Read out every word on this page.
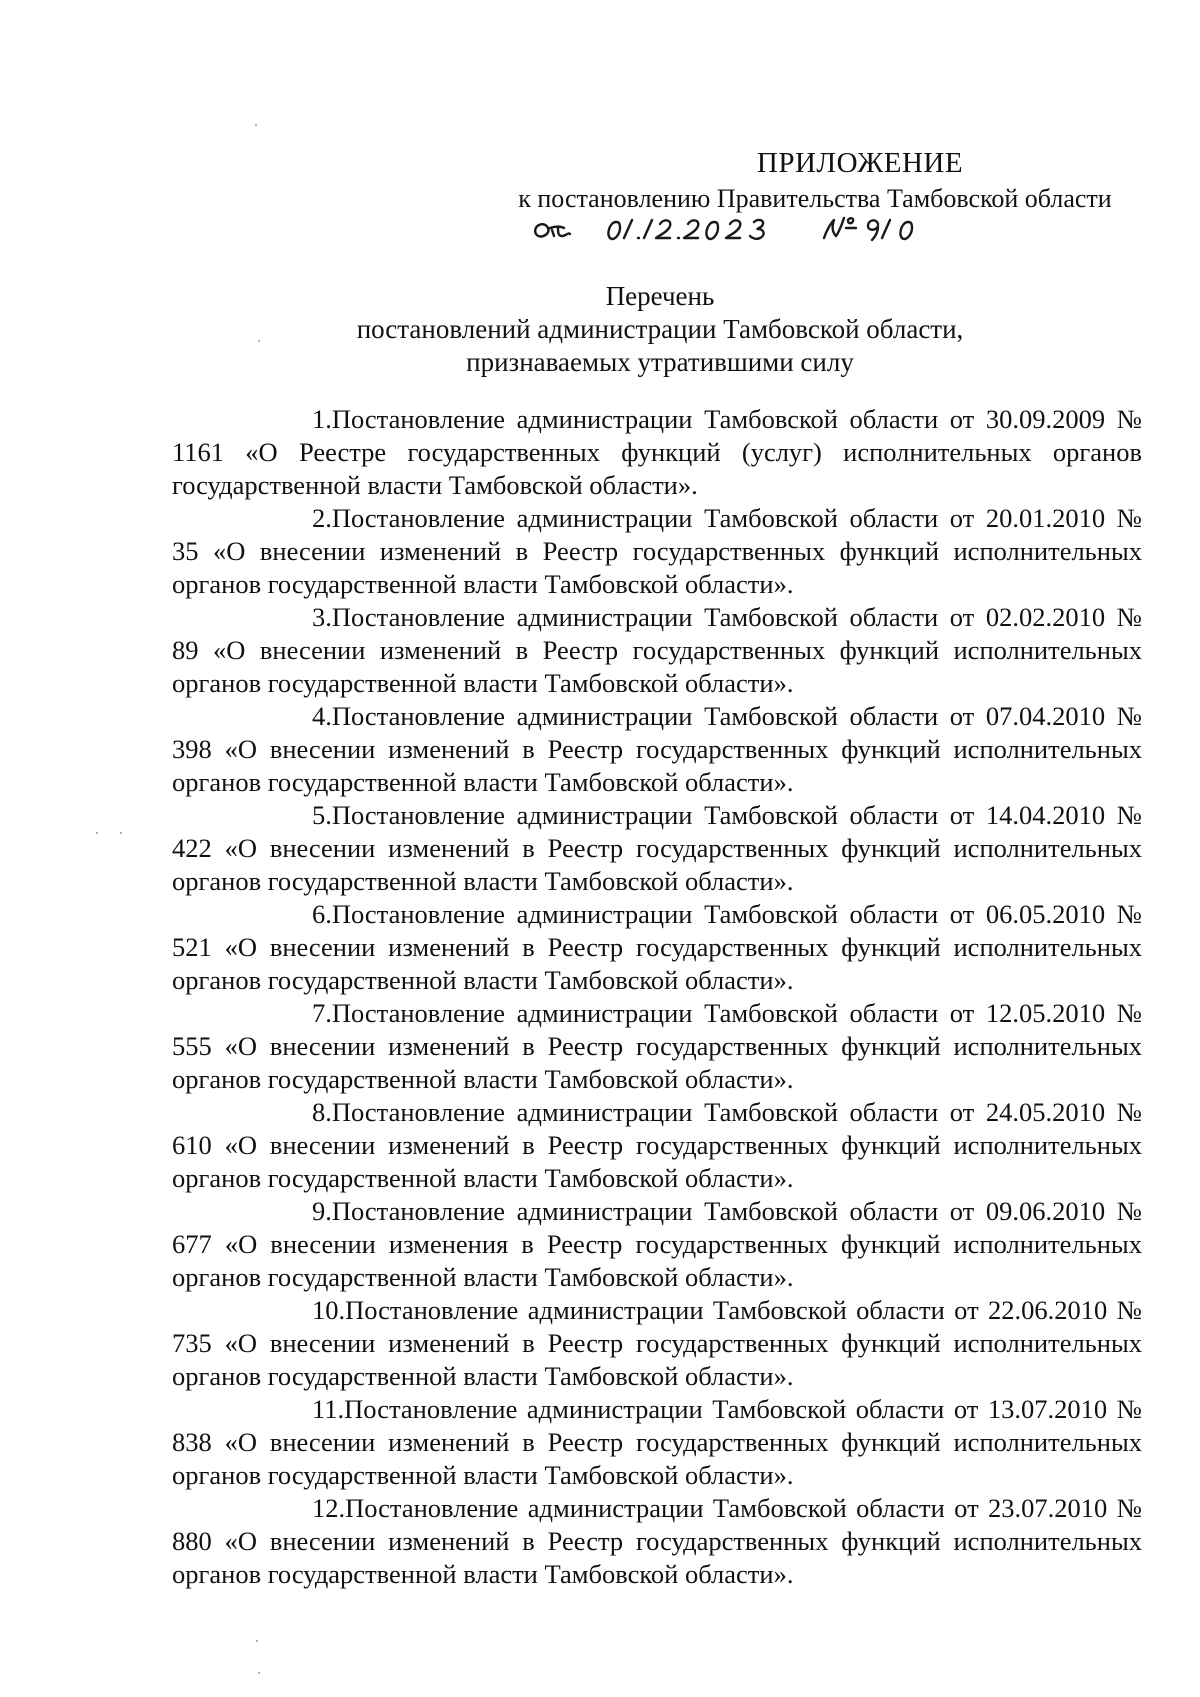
ПРИЛОЖЕНИЕ
к постановлению Правительства Тамбовской области
Перечень
постановлений администрации Тамбовской области,
признаваемых утратившими силу

1.Постановление администрации Тамбовской области от 30.09.2009 № 1161 «О Реестре государственных функций (услуг) исполнительных органов государственной власти Тамбовской области».

2.Постановление администрации Тамбовской области от 20.01.2010 № 35 «О внесении изменений в Реестр государственных функций исполнительных органов государственной власти Тамбовской области».

3.Постановление администрации Тамбовской области от 02.02.2010 № 89 «О внесении изменений в Реестр государственных функций исполнительных органов государственной власти Тамбовской области».

4.Постановление администрации Тамбовской области от 07.04.2010 № 398 «О внесении изменений в Реестр государственных функций исполнительных органов государственной власти Тамбовской области».

5.Постановление администрации Тамбовской области от 14.04.2010 № 422 «О внесении изменений в Реестр государственных функций исполнительных органов государственной власти Тамбовской области».

6.Постановление администрации Тамбовской области от 06.05.2010 № 521 «О внесении изменений в Реестр государственных функций исполнительных органов государственной власти Тамбовской области».

7.Постановление администрации Тамбовской области от 12.05.2010 № 555 «О внесении изменений в Реестр государственных функций исполнительных органов государственной власти Тамбовской области».

8.Постановление администрации Тамбовской области от 24.05.2010 № 610 «О внесении изменений в Реестр государственных функций исполнительных органов государственной власти Тамбовской области».

9.Постановление администрации Тамбовской области от 09.06.2010 № 677 «О внесении изменения в Реестр государственных функций исполнительных органов государственной власти Тамбовской области».

10.Постановление администрации Тамбовской области от 22.06.2010 № 735 «О внесении изменений в Реестр государственных функций исполнительных органов государственной власти Тамбовской области».

11.Постановление администрации Тамбовской области от 13.07.2010 № 838 «О внесении изменений в Реестр государственных функций исполнительных органов государственной власти Тамбовской области».

12.Постановление администрации Тамбовской области от 23.07.2010 № 880 «О внесении изменений в Реестр государственных функций исполнительных органов государственной власти Тамбовской области».
